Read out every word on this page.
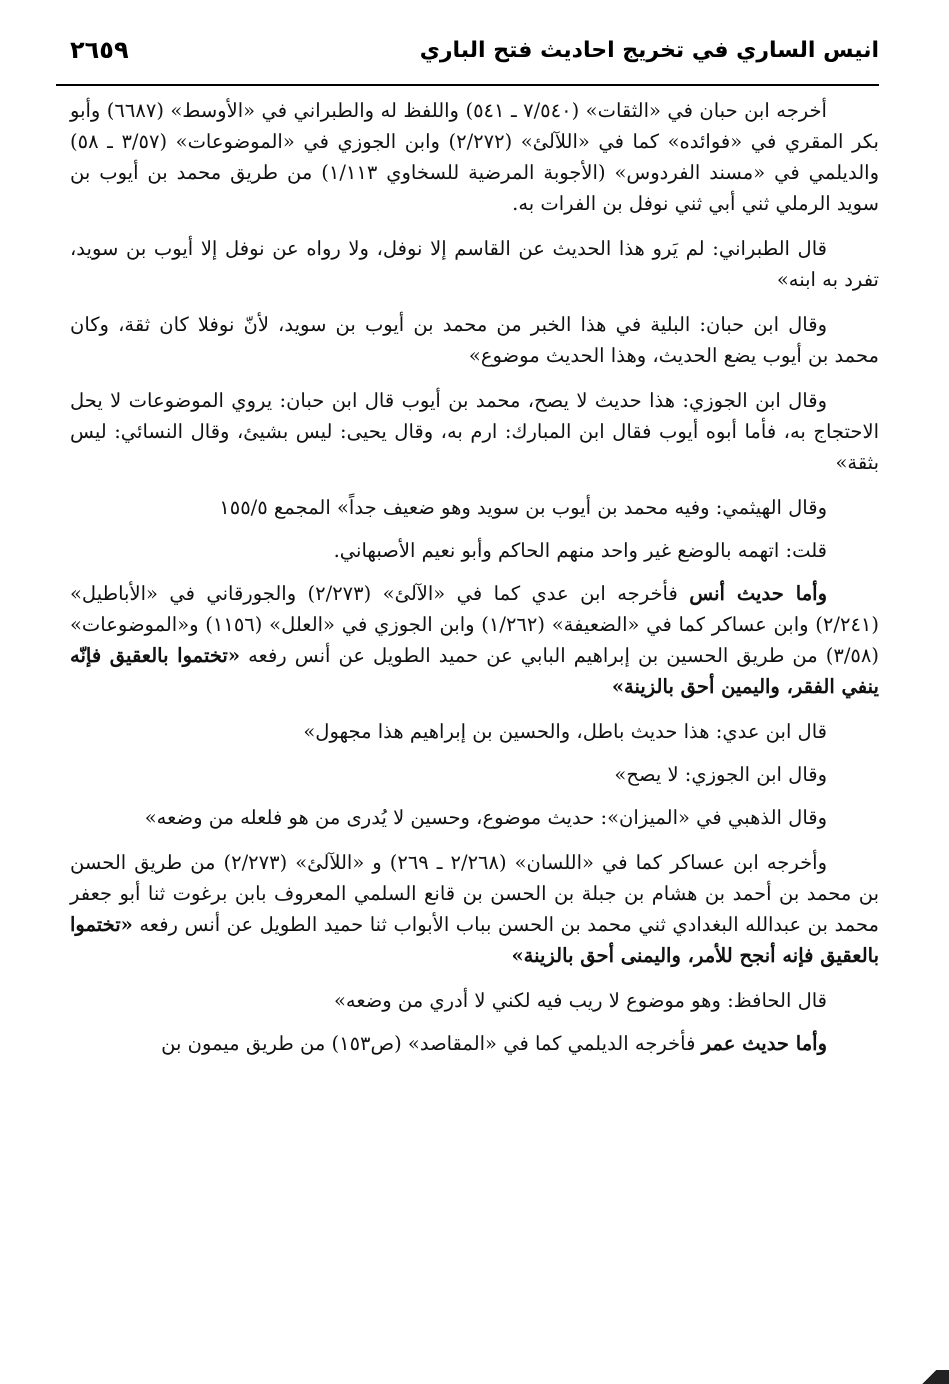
انيس الساري في تخريج احاديث فتح الباري
٢٦٥٩

أخرجه ابن حبان في «الثقات» (٧/٥٤٠ ـ ٥٤١) واللفظ له والطبراني في «الأوسط» (٦٦٨٧) وأبو بكر المقري في «فوائده» كما في «اللآلئ» (٢/٢٧٢) وابن الجوزي في «الموضوعات» (٣/٥٧ ـ ٥٨) والديلمي في «مسند الفردوس» (الأجوبة المرضية للسخاوي ١/١١٣) من طريق محمد بن أيوب بن سويد الرملي ثني أبي ثني نوفل بن الفرات به.

قال الطبراني: لم يَرو هذا الحديث عن القاسم إلا نوفل، ولا رواه عن نوفل إلا أيوب بن سويد، تفرد به ابنه»

وقال ابن حبان: البلية في هذا الخبر من محمد بن أيوب بن سويد، لأنّ نوفلا كان ثقة، وكان محمد بن أيوب يضع الحديث، وهذا الحديث موضوع»

وقال ابن الجوزي: هذا حديث لا يصح، محمد بن أيوب قال ابن حبان: يروي الموضوعات لا يحل الاحتجاج به، فأما أبوه أيوب فقال ابن المبارك: ارم به، وقال يحيى: ليس بشيئ، وقال النسائي: ليس بثقة»

وقال الهيثمي: وفيه محمد بن أيوب بن سويد وهو ضعيف جداً» المجمع ١٥٥/٥

قلت: اتهمه بالوضع غير واحد منهم الحاكم وأبو نعيم الأصبهاني.

وأما حديث أنس فأخرجه ابن عدي كما في «الآلئ» (٢/٢٧٣) والجورقاني في «الأباطيل» (٢/٢٤١) وابن عساكر كما في «الضعيفة» (١/٢٦٢) وابن الجوزي في «العلل» (١١٥٦) و«الموضوعات» (٣/٥٨) من طريق الحسين بن إبراهيم البابي عن حميد الطويل عن أنس رفعه «تختموا بالعقيق فإنّه ينفي الفقر، واليمين أحق بالزينة»

قال ابن عدي: هذا حديث باطل، والحسين بن إبراهيم هذا مجهول»

وقال ابن الجوزي: لا يصح»

وقال الذهبي في «الميزان»: حديث موضوع، وحسين لا يُدرى من هو فلعله من وضعه»

وأخرجه ابن عساكر كما في «اللسان» (٢/٢٦٨ ـ ٢٦٩) و «اللآلئ» (٢/٢٧٣) من طريق الحسن بن محمد بن أحمد بن هشام بن جبلة بن الحسن بن قانع السلمي المعروف بابن برغوت ثنا أبو جعفر محمد بن عبدالله البغدادي ثني محمد بن الحسن بباب الأبواب ثنا حميد الطويل عن أنس رفعه «تختموا بالعقيق فإنه أنجح للأمر، واليمنى أحق بالزينة»

قال الحافظ: وهو موضوع لا ريب فيه لكني لا أدري من وضعه»

وأما حديث عمر فأخرجه الديلمي كما في «المقاصد» (ص١٥٣) من طريق ميمون بن
